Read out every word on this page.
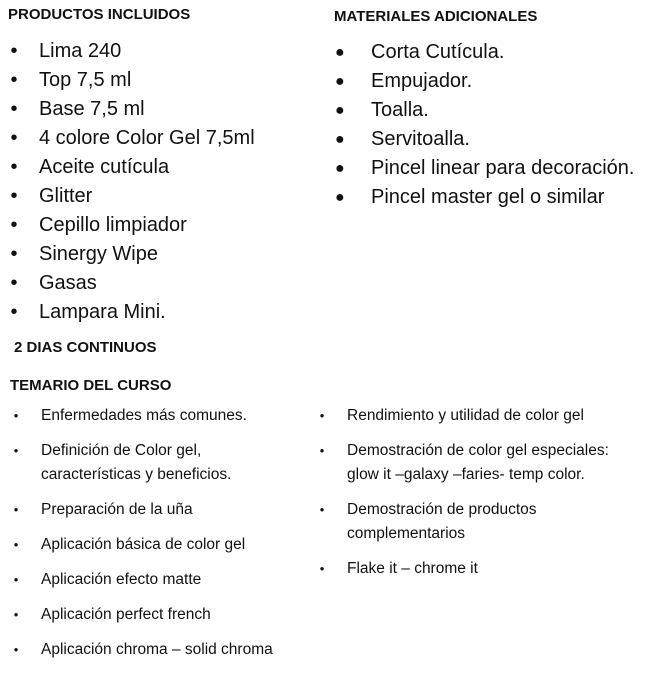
PRODUCTOS INCLUIDOS
• Lima 240
• Top 7,5 ml
• Base 7,5 ml
• 4 colore Color Gel 7,5ml
• Aceite cutícula
• Glitter
• Cepillo limpiador
• Sinergy Wipe
• Gasas
• Lampara Mini.
MATERIALES ADICIONALES
● Corta Cutícula.
● Empujador.
● Toalla.
● Servitoalla.
● Pincel linear para decoración.
● Pincel master gel o similar
2 DIAS CONTINUOS
TEMARIO DEL CURSO
• Enfermedades más comunes.
• Definición de Color gel,
características y beneficios.
• Preparación de la uña
• Aplicación básica de color gel
• Aplicación efecto matte
• Aplicación perfect french
• Aplicación chroma – solid chroma
• Rendimiento y utilidad de color gel
• Demostración de color gel especiales:
glow it –galaxy –faries- temp color.
• Demostración de productos
complementarios
• Flake it – chrome it
